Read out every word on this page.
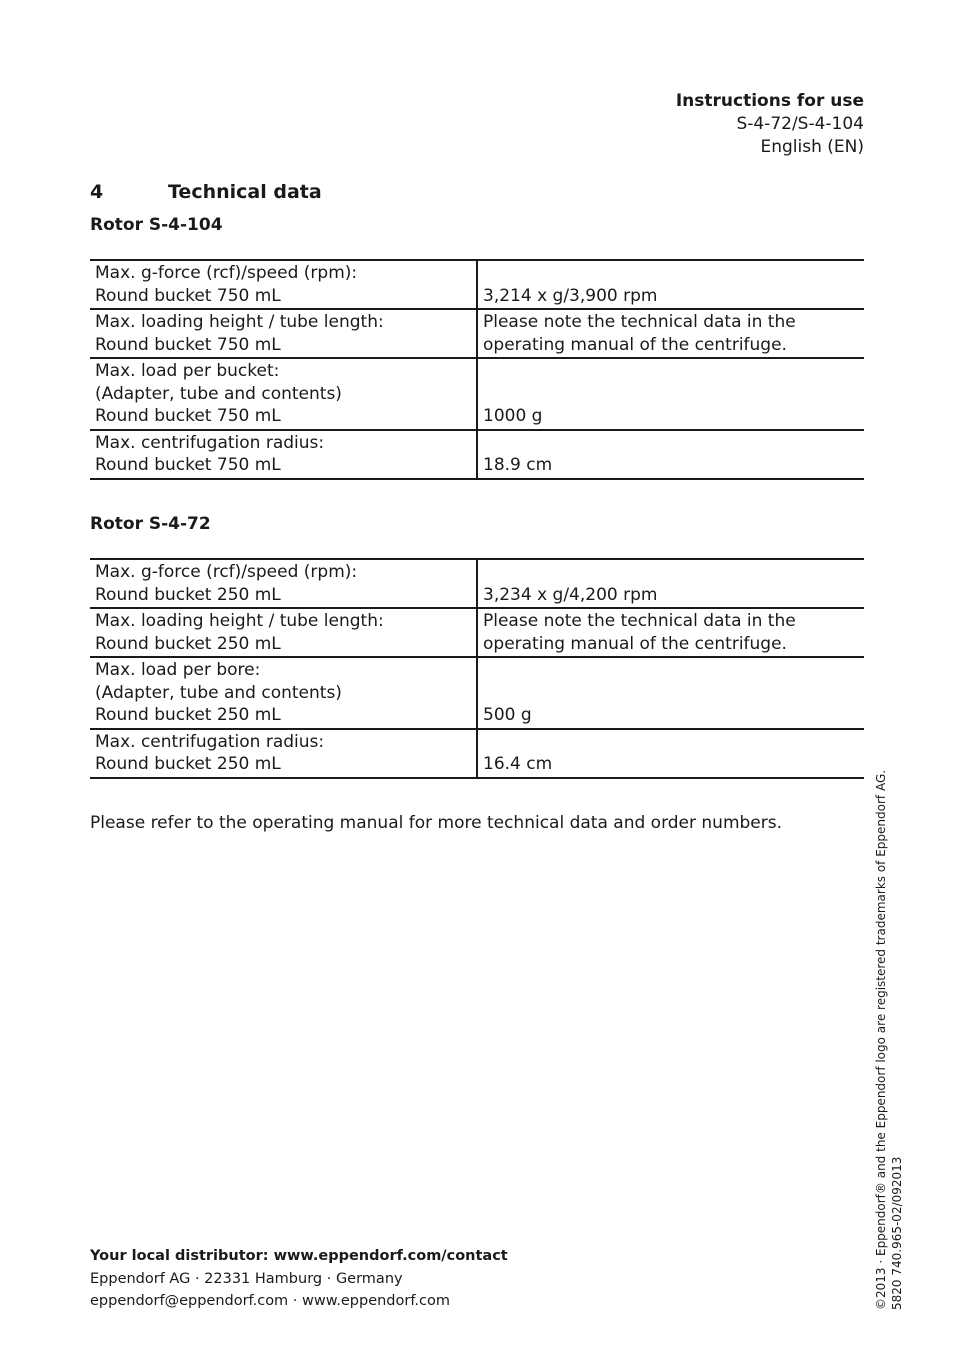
Instructions for use
S-4-72/S-4-104
English (EN)
4	Technical data
Rotor S-4-104
Max. g-force (rcf)/speed (rpm):
Round bucket 750 mL	3,214 x g/3,900 rpm
Max. loading height / tube length:
Round bucket 750 mL	Please note the technical data in the
operating manual of the centrifuge.
Max. load per bucket:
(Adapter, tube and contents)
Round bucket 750 mL	1000 g
Max. centrifugation radius:
Round bucket 750 mL	18.9 cm
Rotor S-4-72
Max. g-force (rcf)/speed (rpm):
Round bucket 250 mL	3,234 x g/4,200 rpm
Max. loading height / tube length:
Round bucket 250 mL	Please note the technical data in the
operating manual of the centrifuge.
Max. load per bore:
(Adapter, tube and contents)
Round bucket 250 mL	500 g
Max. centrifugation radius:
Round bucket 250 mL	16.4 cm
Please refer to the operating manual for more technical data and order numbers.
Your local distributor: www.eppendorf.com/contact
Eppendorf AG · 22331 Hamburg · Germany
eppendorf@eppendorf.com · www.eppendorf.com	©2013 · Eppendorf® and the Eppendorf logo are registered trademarks of Eppendorf AG. 5820 740.965-02/092013
